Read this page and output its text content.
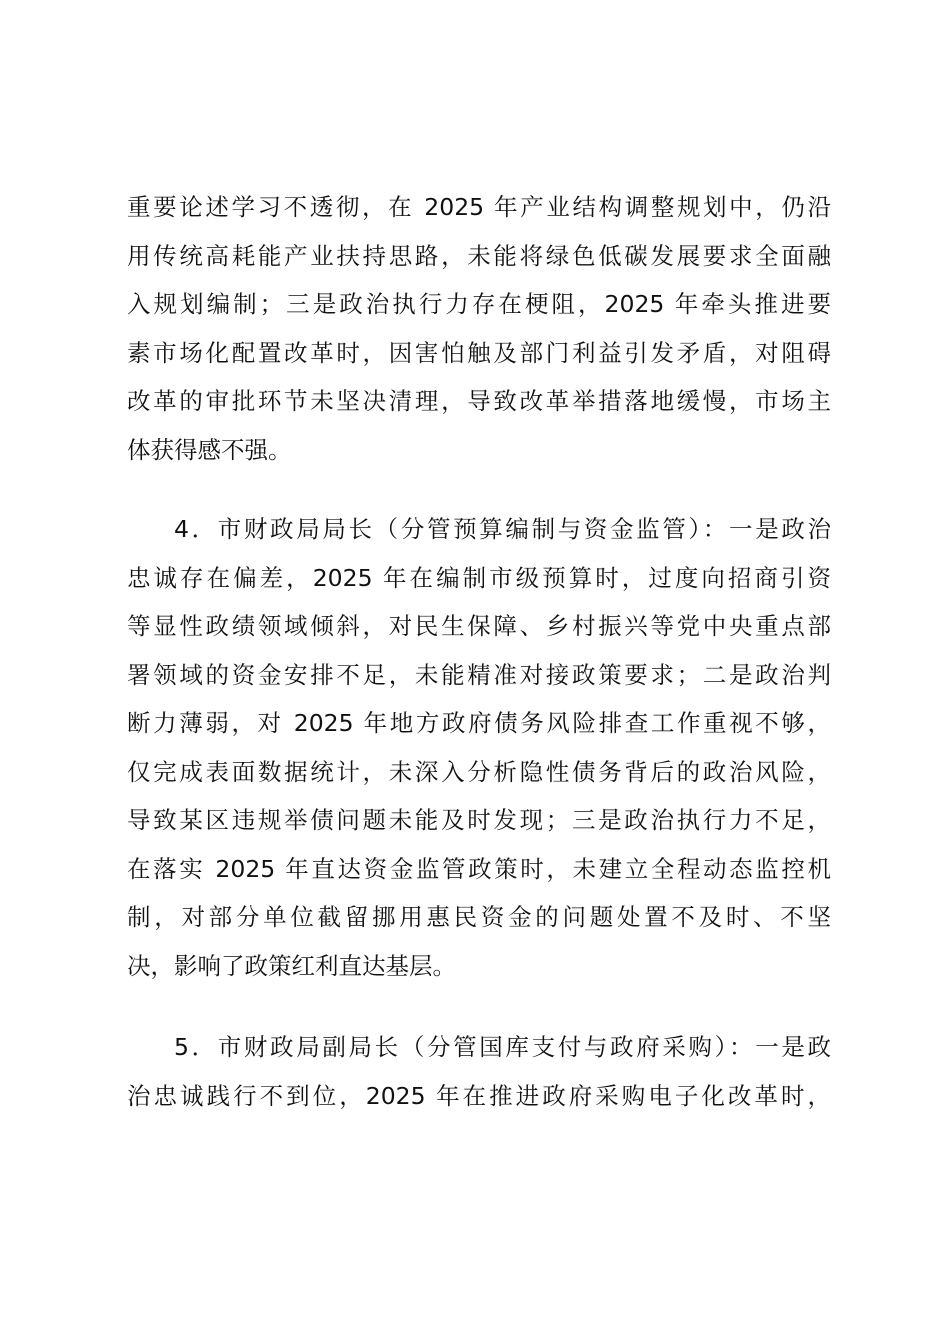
重要论述学习不透彻，在 2025 年产业结构调整规划中，仍沿
用传统高耗能产业扶持思路，未能将绿色低碳发展要求全面融
入规划编制；三是政治执行力存在梗阻，2025 年牵头推进要
素市场化配置改革时，因害怕触及部门利益引发矛盾，对阻碍
改革的审批环节未坚决清理，导致改革举措落地缓慢，市场主
体获得感不强。
4．市财政局局长（分管预算编制与资金监管）：一是政治
忠诚存在偏差，2025 年在编制市级预算时，过度向招商引资
等显性政绩领域倾斜，对民生保障、乡村振兴等党中央重点部
署领域的资金安排不足，未能精准对接政策要求；二是政治判
断力薄弱，对 2025 年地方政府债务风险排查工作重视不够，
仅完成表面数据统计，未深入分析隐性债务背后的政治风险，
导致某区违规举债问题未能及时发现；三是政治执行力不足，
在落实 2025 年直达资金监管政策时，未建立全程动态监控机
制，对部分单位截留挪用惠民资金的问题处置不及时、不坚
决，影响了政策红利直达基层。
5．市财政局副局长（分管国库支付与政府采购）：一是政
治忠诚践行不到位，2025 年在推进政府采购电子化改革时，
